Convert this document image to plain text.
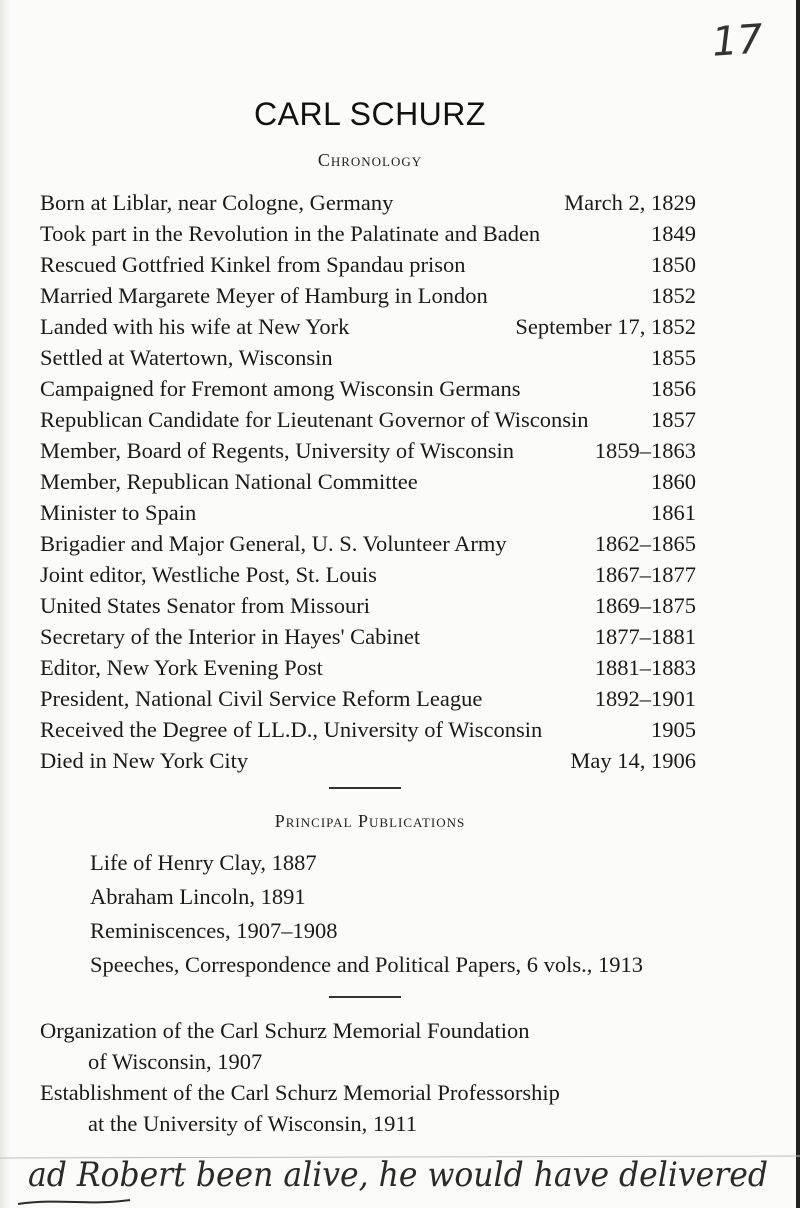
17
CARL SCHURZ
Chronology
Born at Liblar, near Cologne, Germany	March 2, 1829
Took part in the Revolution in the Palatinate and Baden	1849
Rescued Gottfried Kinkel from Spandau prison	1850
Married Margarete Meyer of Hamburg in London	1852
Landed with his wife at New York	September 17, 1852
Settled at Watertown, Wisconsin	1855
Campaigned for Fremont among Wisconsin Germans	1856
Republican Candidate for Lieutenant Governor of Wisconsin	1857
Member, Board of Regents, University of Wisconsin	1859–1863
Member, Republican National Committee	1860
Minister to Spain	1861
Brigadier and Major General, U. S. Volunteer Army	1862–1865
Joint editor, Westliche Post, St. Louis	1867–1877
United States Senator from Missouri	1869–1875
Secretary of the Interior in Hayes' Cabinet	1877–1881
Editor, New York Evening Post	1881–1883
President, National Civil Service Reform League	1892–1901
Received the Degree of LL.D., University of Wisconsin	1905
Died in New York City	May 14, 1906
Principal Publications
Life of Henry Clay, 1887
Abraham Lincoln, 1891
Reminiscences, 1907–1908
Speeches, Correspondence and Political Papers, 6 vols., 1913
Organization of the Carl Schurz Memorial Foundation
of Wisconsin, 1907
Establishment of the Carl Schurz Memorial Professorship
at the University of Wisconsin, 1911
ad Robert been alive, he would have delivered
